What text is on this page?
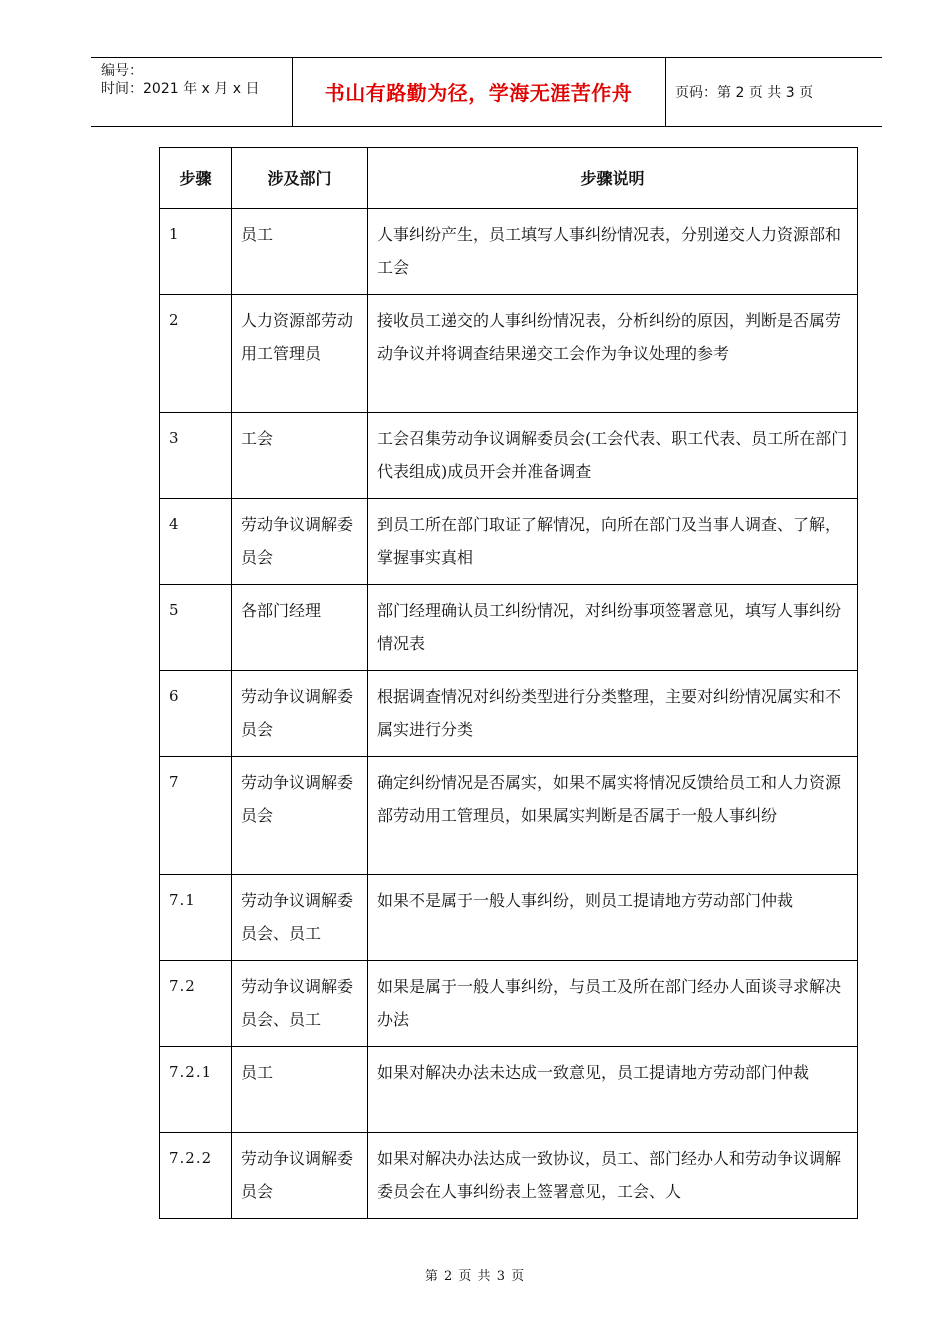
编号：
时间：2021 年 x 月 x 日	书山有路勤为径，学海无涯苦作舟	页码：第 2 页 共 3 页
步骤	涉及部门	步骤说明
1	员工	人事纠纷产生，员工填写人事纠纷情况表，分别递交人力资源部和工会
2	人力资源部劳动用工管理员	接收员工递交的人事纠纷情况表，分析纠纷的原因，判断是否属劳动争议并将调查结果递交工会作为争议处理的参考
3	工会	工会召集劳动争议调解委员会(工会代表、职工代表、员工所在部门代表组成)成员开会并准备调查
4	劳动争议调解委员会	到员工所在部门取证了解情况，向所在部门及当事人调查、了解，掌握事实真相
5	各部门经理	部门经理确认员工纠纷情况，对纠纷事项签署意见，填写人事纠纷情况表
6	劳动争议调解委员会	根据调查情况对纠纷类型进行分类整理，主要对纠纷情况属实和不属实进行分类
7	劳动争议调解委员会	确定纠纷情况是否属实，如果不属实将情况反馈给员工和人力资源部劳动用工管理员，如果属实判断是否属于一般人事纠纷
7.1	劳动争议调解委员会、员工	如果不是属于一般人事纠纷，则员工提请地方劳动部门仲裁
7.2	劳动争议调解委员会、员工	如果是属于一般人事纠纷，与员工及所在部门经办人面谈寻求解决办法
7.2.1	员工	如果对解决办法未达成一致意见，员工提请地方劳动部门仲裁
7.2.2	劳动争议调解委员会	如果对解决办法达成一致协议，员工、部门经办人和劳动争议调解委员会在人事纠纷表上签署意见，工会、人
第 2 页 共 3 页
